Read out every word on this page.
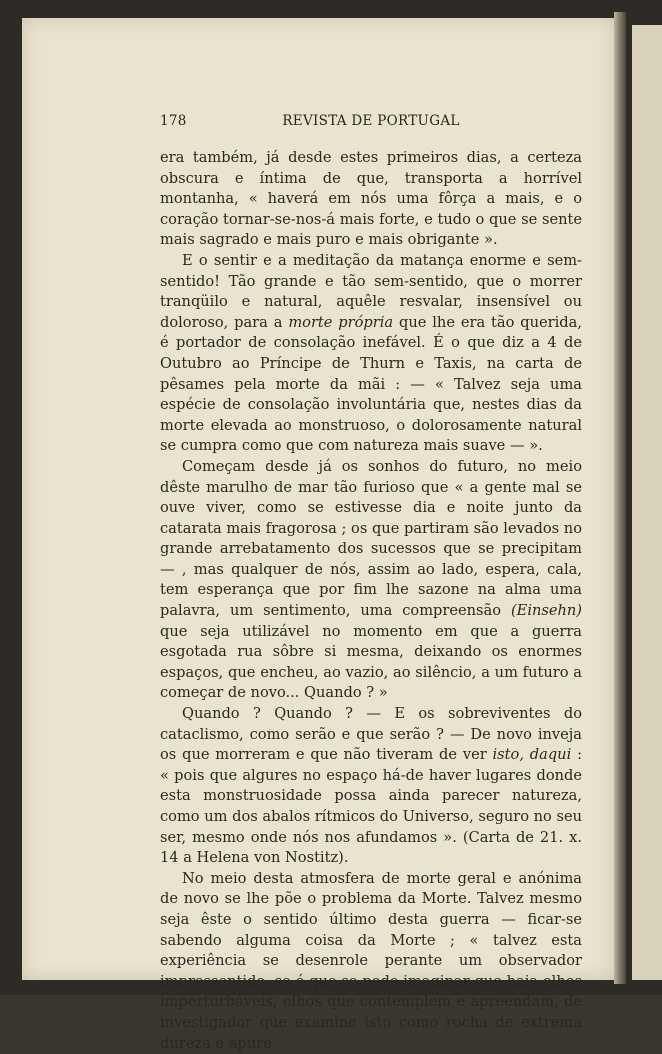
178	REVISTA DE PORTUGAL

era também, já desde estes primeiros dias, a certeza obscura e íntima de que, transporta a horrível montanha, « haverá em nós uma fôrça a mais, e o coração tornar-se-nos-á mais forte, e tudo o que se sente mais sagrado e mais puro e mais obrigante ».

E o sentir e a meditação da matança enorme e sem-sentido! Tão grande e tão sem-sentido, que o morrer tranqüilo e natural, aquêle resvalar, insensível ou doloroso, para a morte própria que lhe era tão querida, é portador de consolação inefável. É o que diz a 4 de Outubro ao Príncipe de Thurn e Taxis, na carta de pêsames pela morte da mãi : — « Talvez seja uma espécie de consolação involuntária que, nestes dias da morte elevada ao monstruoso, o dolorosamente natural se cumpra como que com natureza mais suave — ».

Começam desde já os sonhos do futuro, no meio dêste marulho de mar tão furioso que « a gente mal se ouve viver, como se estivesse dia e noite junto da catarata mais fragorosa ; os que partiram são levados no grande arrebatamento dos sucessos que se precipitam — , mas qualquer de nós, assim ao lado, espera, cala, tem esperança que por fim lhe sazone na alma uma palavra, um sentimento, uma compreensão (Einsehn) que seja utilizável no momento em que a guerra esgotada rua sôbre si mesma, deixando os enormes espaços, que encheu, ao vazio, ao silêncio, a um futuro a começar de novo... Quando ? »

Quando ? Quando ? — E os sobreviventes do cataclismo, como serão e que serão ? — De novo inveja os que morreram e que não tiveram de ver isto, daqui : « pois que algures no espaço há-de haver lugares donde esta monstruosidade possa ainda parecer natureza, como um dos abalos rítmicos do Universo, seguro no seu ser, mesmo onde nós nos afundamos ». (Carta de 21. x. 14 a Helena von Nostitz).

No meio desta atmosfera de morte geral e anónima de novo se lhe põe o problema da Morte. Talvez mesmo seja êste o sentido último desta guerra — ficar-se sabendo alguma coisa da Morte ; « talvez esta experiência se desenrole perante um observador impressentido, se é que se pode imaginar que haja olhos imperturbáveis, olhos que contemplem e apreendam, de investigador que examine isto como rocha de extrema dureza e apure
